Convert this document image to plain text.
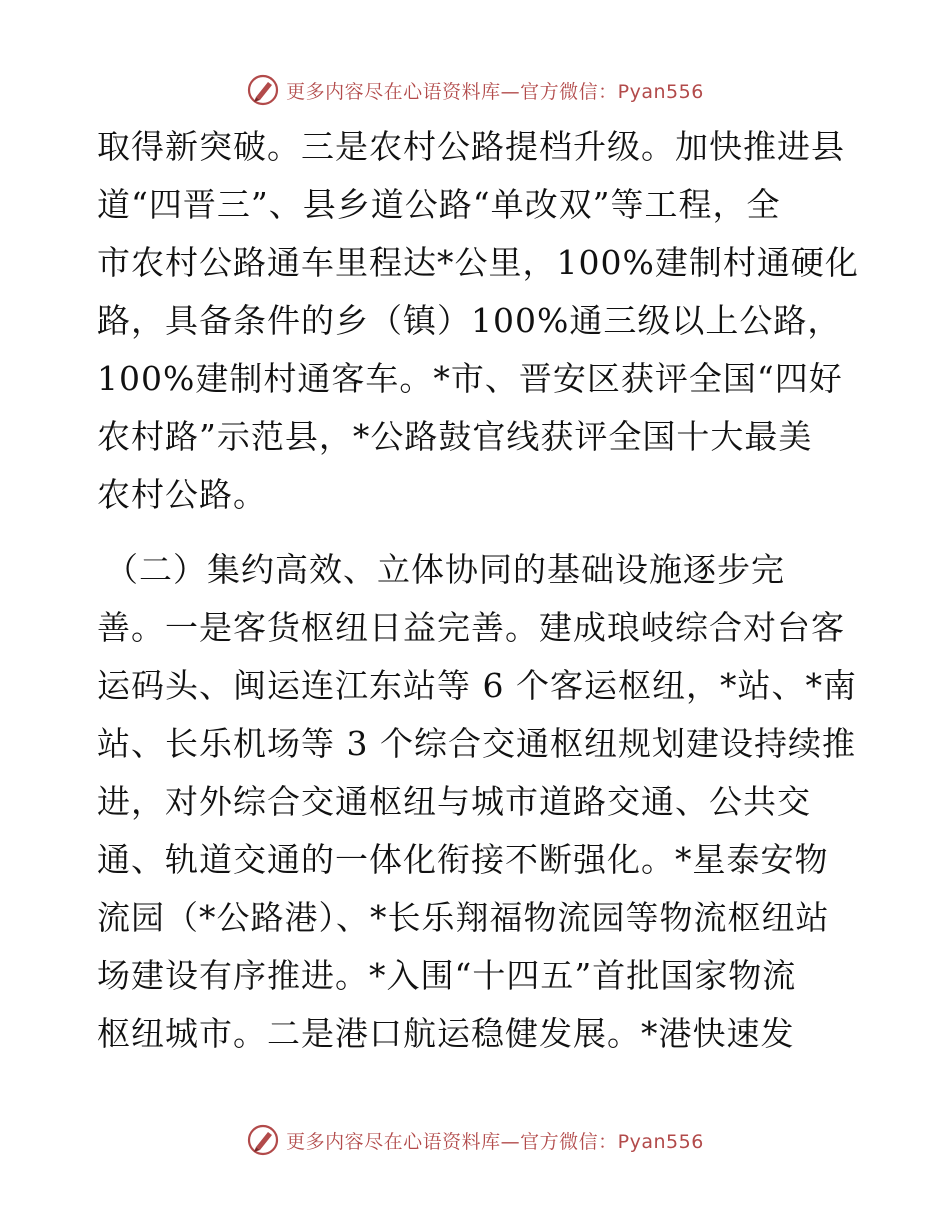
更多内容尽在心语资料库—官方微信：Pyan556
取得新突破。三是农村公路提档升级。加快推进县
道“四晋三”、县乡道公路“单改双”等工程，全
市农村公路通车里程达*公里，100%建制村通硬化
路，具备条件的乡（镇）100%通三级以上公路，
100%建制村通客车。*市、晋安区获评全国“四好
农村路”示范县，*公路鼓官线获评全国十大最美
农村公路。
（二）集约高效、立体协同的基础设施逐步完
善。一是客货枢纽日益完善。建成琅岐综合对台客
运码头、闽运连江东站等 6 个客运枢纽，*站、*南
站、长乐机场等 3 个综合交通枢纽规划建设持续推
进，对外综合交通枢纽与城市道路交通、公共交
通、轨道交通的一体化衔接不断强化。*星泰安物
流园（*公路港）、*长乐翔福物流园等物流枢纽站
场建设有序推进。*入围“十四五”首批国家物流
枢纽城市。二是港口航运稳健发展。*港快速发
更多内容尽在心语资料库—官方微信：Pyan556
